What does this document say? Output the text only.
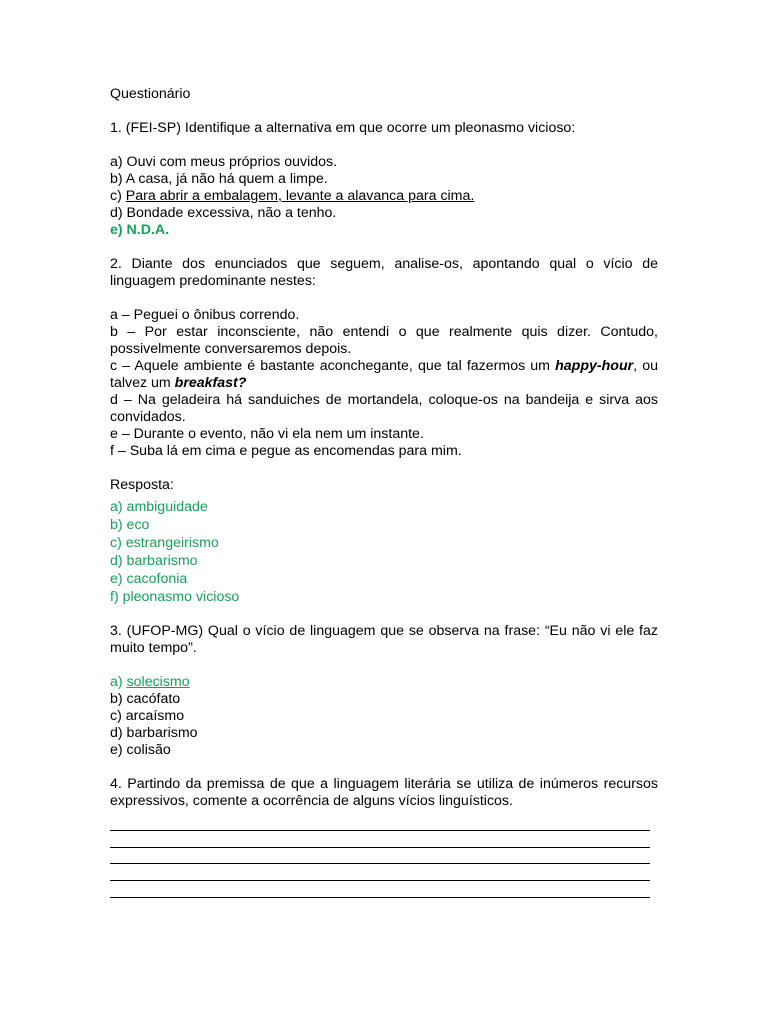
Questionário
1. (FEI-SP) Identifique a alternativa em que ocorre um pleonasmo vicioso:
a) Ouvi com meus próprios ouvidos.
b) A casa, já não há quem a limpe.
c) Para abrir a embalagem, levante a alavanca para cima.
d) Bondade excessiva, não a tenho.
e) N.D.A.
2. Diante dos enunciados que seguem, analise-os, apontando qual o vício de linguagem predominante nestes:
a – Peguei o ônibus correndo.
b – Por estar inconsciente, não entendi o que realmente quis dizer. Contudo, possivelmente conversaremos depois.
c – Aquele ambiente é bastante aconchegante, que tal fazermos um happy-hour, ou talvez um breakfast?
d – Na geladeira há sanduiches de mortandela, coloque-os na bandeija e sirva aos convidados.
e – Durante o evento, não vi ela nem um instante.
f – Suba lá em cima e pegue as encomendas para mim.
Resposta:
a) ambiguidade
b) eco
c) estrangeirismo
d) barbarismo
e) cacofonia
f) pleonasmo vicioso
3. (UFOP-MG) Qual o vício de linguagem que se observa na frase: “Eu não vi ele faz muito tempo”.
a) solecismo
b) cacófato
c) arcaísmo
d) barbarismo
e) colisão
4. Partindo da premissa de que a linguagem literária se utiliza de inúmeros recursos expressivos, comente a ocorrência de alguns vícios linguísticos.
